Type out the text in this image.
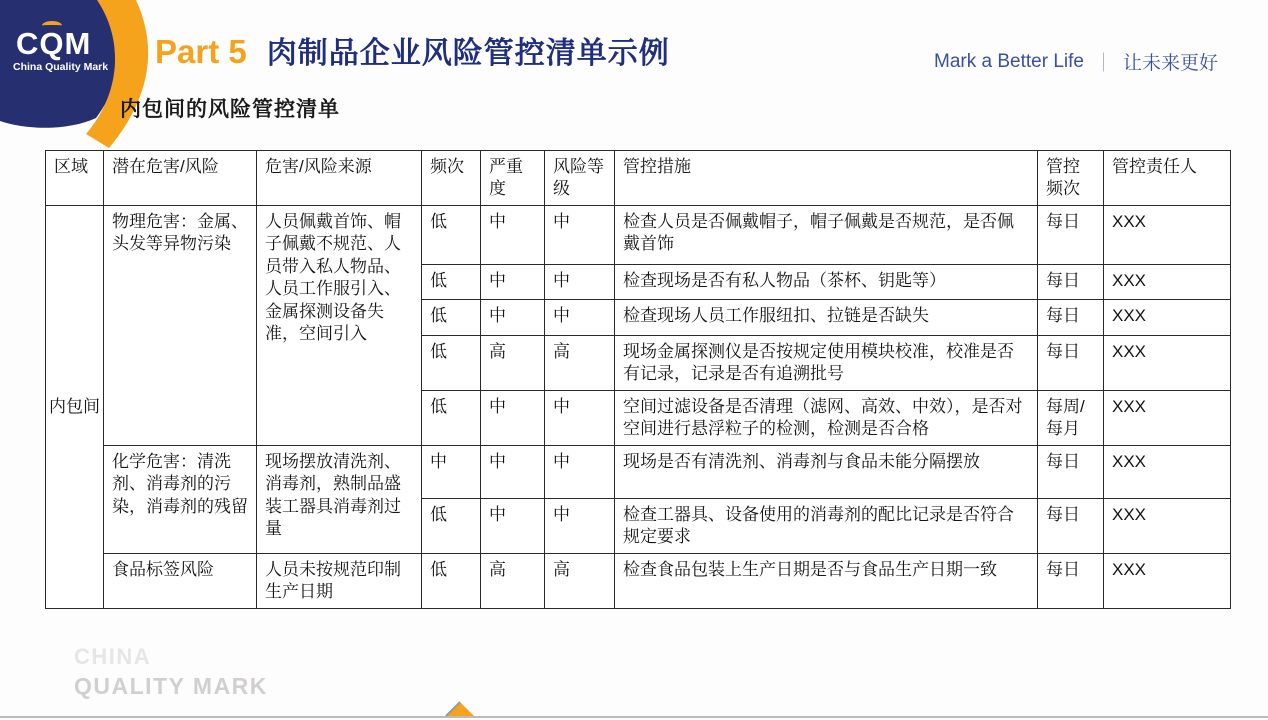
CQM
China Quality Mark Part 5 肉制品企业风险管控清单示例	Mark a Better Life ｜ 让未来更好
内包间的风险管控清单
区域	潜在危害/风险	危害/风险来源	频次	严重度	风险等级	管控措施	管控频次	管控责任人
内包间	物理危害：金属、头发等异物污染	人员佩戴首饰、帽子佩戴不规范、人员带入私人物品、人员工作服引入、金属探测设备失准，空间引入	低	中	中	检查人员是否佩戴帽子，帽子佩戴是否规范，是否佩戴首饰	每日	XXX
			低	中	中	检查现场是否有私人物品（茶杯、钥匙等）	每日	XXX
			低	中	中	检查现场人员工作服纽扣、拉链是否缺失	每日	XXX
			低	高	高	现场金属探测仪是否按规定使用模块校准，校准是否有记录，记录是否有追溯批号	每日	XXX
			低	中	中	空间过滤设备是否清理（滤网、高效、中效），是否对空间进行悬浮粒子的检测，检测是否合格	每周/每月	XXX
	化学危害：清洗剂、消毒剂的污染，消毒剂的残留	现场摆放清洗剂、消毒剂，熟制品盛装工器具消毒剂过量	中	中	中	现场是否有清洗剂、消毒剂与食品未能分隔摆放	每日	XXX
			低	中	中	检查工器具、设备使用的消毒剂的配比记录是否符合规定要求	每日	XXX
	食品标签风险	人员未按规范印制生产日期	低	高	高	检查食品包装上生产日期是否与食品生产日期一致	每日	XXX
CHINA
QUALITY MARK
